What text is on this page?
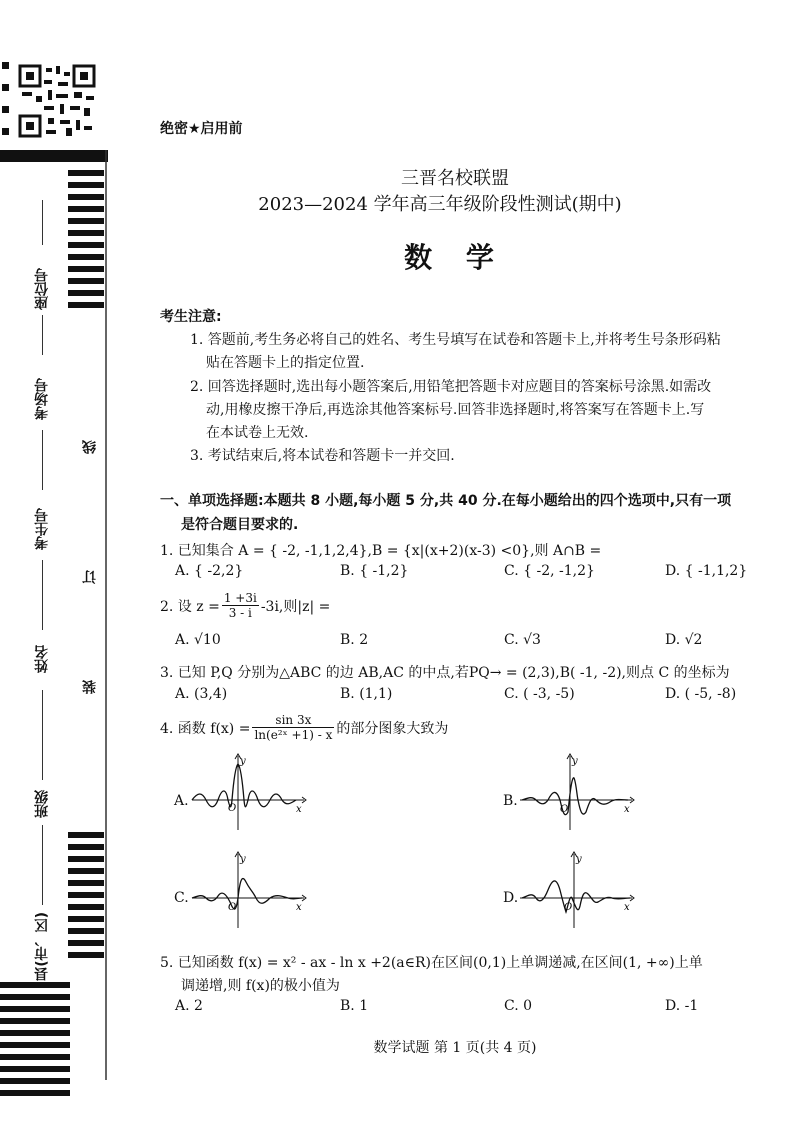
座位号
考场号
考生号
姓名
班级
县(市、区)
线
订
装
绝密★启用前
三晋名校联盟
2023—2024 学年高三年级阶段性测试(期中)
数 学
考生注意:
1. 答题前,考生务必将自己的姓名、考生号填写在试卷和答题卡上,并将考生号条形码粘
贴在答题卡上的指定位置.
2. 回答选择题时,选出每小题答案后,用铅笔把答题卡对应题目的答案标号涂黑.如需改
动,用橡皮擦干净后,再选涂其他答案标号.回答非选择题时,将答案写在答题卡上.写
在本试卷上无效.
3. 考试结束后,将本试卷和答题卡一并交回.
一、单项选择题:本题共 8 小题,每小题 5 分,共 40 分.在每小题给出的四个选项中,只有一项
是符合题目要求的.
1. 已知集合 A = { -2, -1,1,2,4},B = {x|(x+2)(x-3) <0},则 A∩B =
A. { -2,2}	B. { -1,2}	C. { -2, -1,2}	D. { -1,1,2}
2. 设 $z = \frac{1 +3i}{3 - i} -3i$,则|z| =
A. √10	B. 2	C. √3	D. √2
3. 已知 P,Q 分别为△ABC 的边 AB,AC 的中点,若PQ→ = (2,3),B( -1, -2),则点 C 的坐标为
A. (3,4)	B. (1,1)	C. ( -3, -5)	D. ( -5, -8)
4. 函数 $f(x) = \frac{\sin 3x}{\text{ln(e²ˣ +1) - x}}$ 的部分图象大致为
A.	B.
C.	D.
y
x
O
y
x
O
y
x
O
y
x
O
5. 已知函数 f(x) = x² - ax - ln x +2(a∈R)在区间(0,1)上单调递减,在区间(1, +∞)上单
调递增,则 f(x)的极小值为
A. 2	B. 1	C. 0	D. -1
数学试题 第 1 页(共 4 页)
